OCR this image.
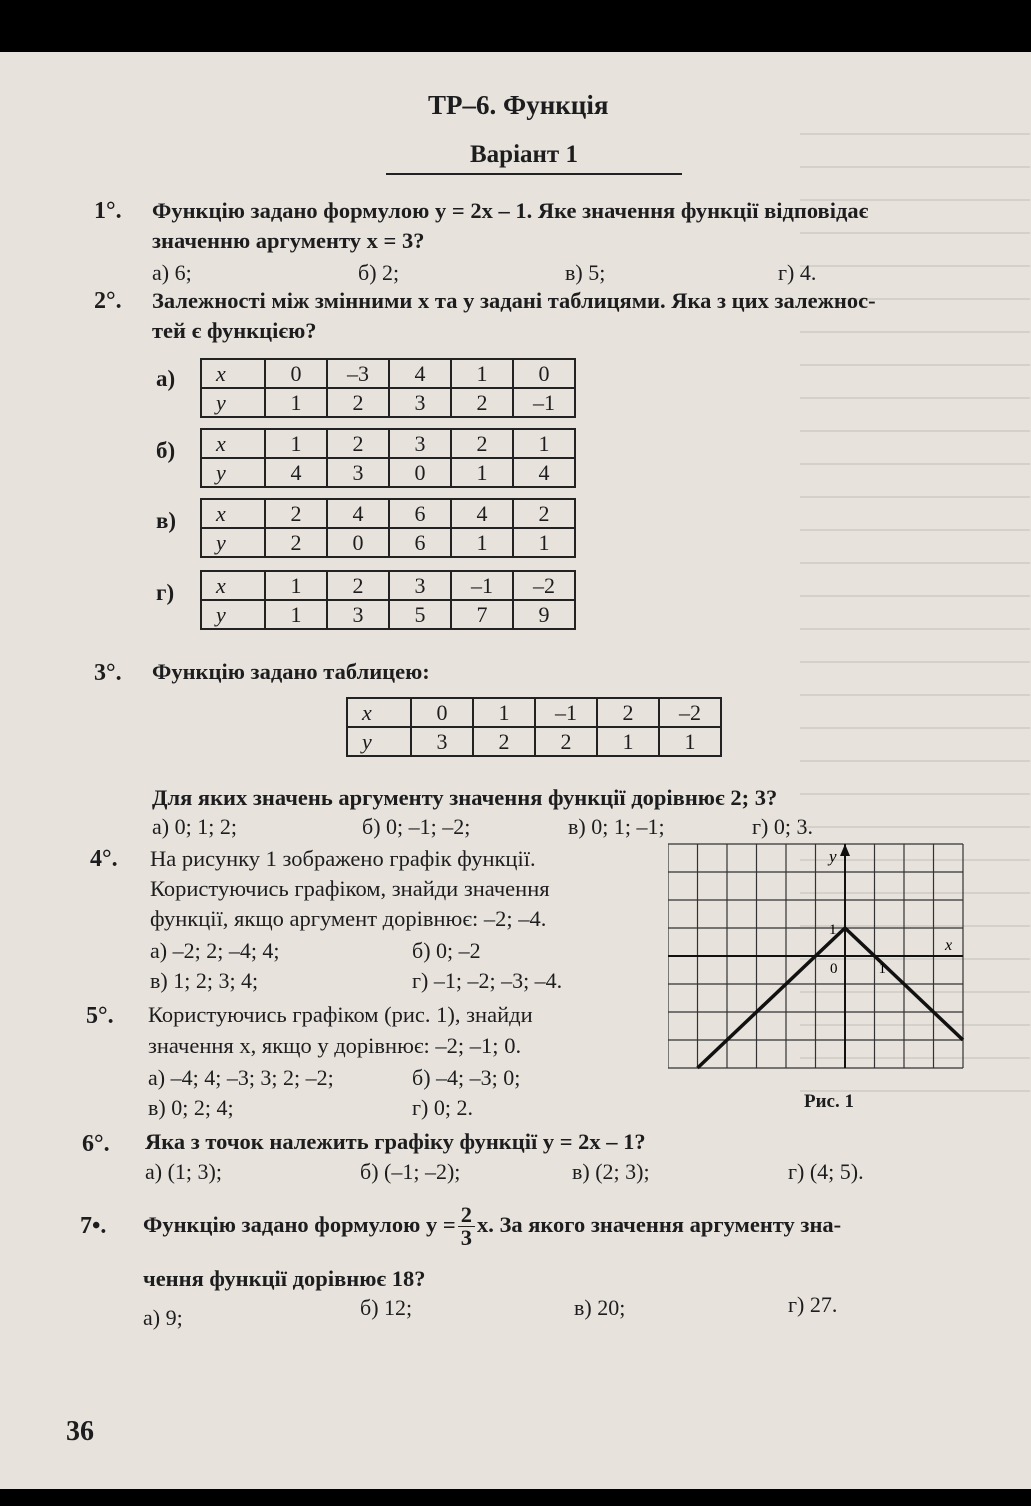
ТР–6. Функція
Варіант 1
1°. Функцію задано формулою y = 2x – 1. Яке значення функції відповідає
значенню аргументу x = 3?
а) 6;	б) 2;	в) 5;	г) 4.
2°. Залежності між змінними x та y задані таблицями. Яка з цих залежнос-
тей є функцією?
а) x	0	–3	4	1	0
y	1	2	3	2	–1
б) x	1	2	3	2	1
y	4	3	0	1	4
в) x	2	4	6	4	2
y	2	0	6	1	1
г) x	1	2	3	–1	–2
y	1	3	5	7	9
3°. Функцію задано таблицею:
x	0	1	–1	2	–2
y	3	2	2	1	1
Для яких значень аргументу значення функції дорівнює 2; 3?
а) 0; 1; 2;	б) 0; –1; –2;	в) 0; 1; –1;	г) 0; 3.
4°. На рисунку 1 зображено графік функції.
Користуючись графіком, знайди значення
функції, якщо аргумент дорівнює: –2; –4.
а) –2; 2; –4; 4;	б) 0; –2
в) 1; 2; 3; 4;	г) –1; –2; –3; –4.
5°. Користуючись графіком (рис. 1), знайди
значення x, якщо y дорівнює: –2; –1; 0.
а) –4; 4; –3; 3; 2; –2;	б) –4; –3; 0;
в) 0; 2; 4;	г) 0; 2.
y
x
0	1
1
Рис. 1
6°. Яка з точок належить графіку функції y = 2x – 1?
а) (1; 3);	б) (–1; –2);	в) (2; 3);	г) (4; 5).
7•. Функцію задано формулою $y = \frac{2}{3} x$. За якого значення аргументу зна-
чення функції дорівнює 18?
а) 9;	б) 12;	в) 20;	г) 27.
36
